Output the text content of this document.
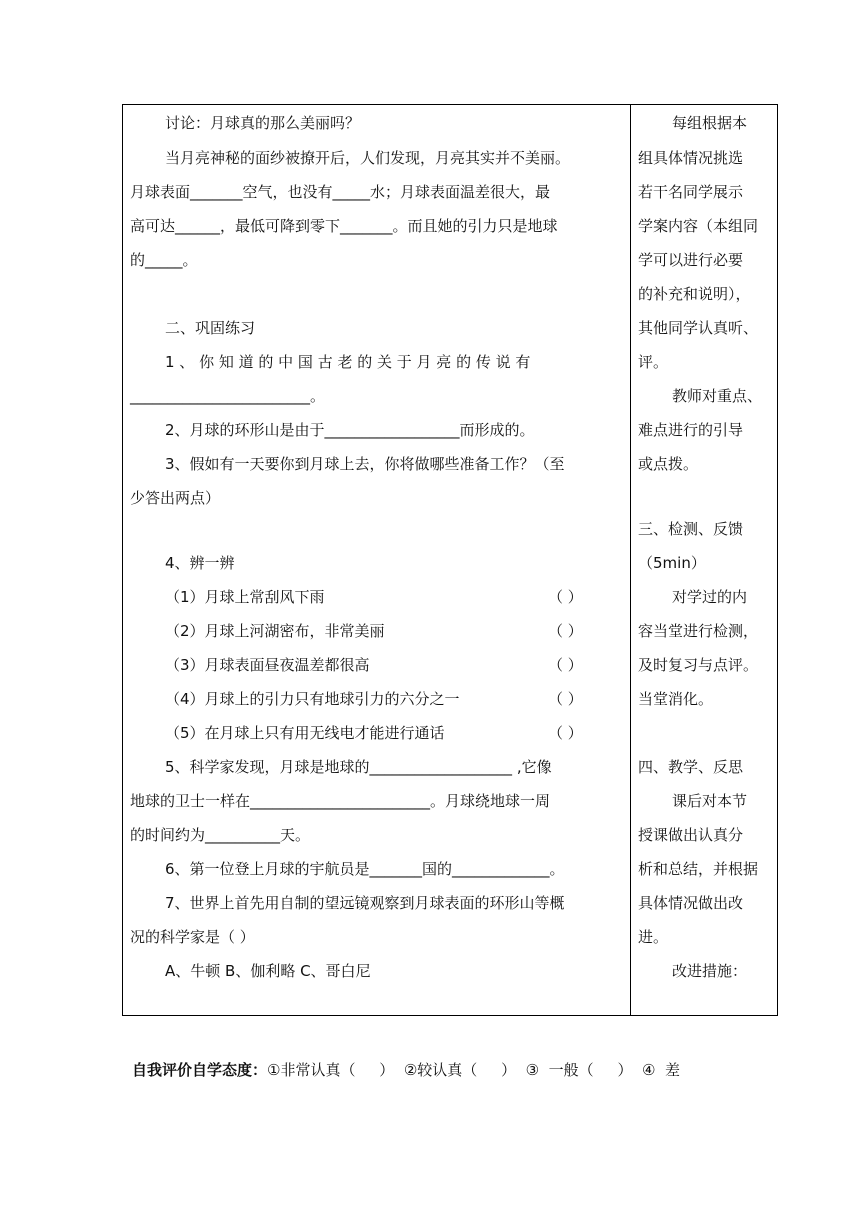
讨论：月球真的那么美丽吗？
当月亮神秘的面纱被撩开后，人们发现，月亮其实并不美丽。
月球表面_______空气，也没有_____水；月球表面温差很大，最
高可达______，最低可降到零下_______。而且她的引力只是地球
的_____。
二、巩固练习
1 、 你 知 道 的 中 国 古 老 的 关 于 月 亮 的 传 说 有
________________________。
2、月球的环形山是由于__________________而形成的。
3、假如有一天要你到月球上去，你将做哪些准备工作？（至
少答出两点）
4、辨一辨
（1）月球上常刮风下雨	（ ）
（2）月球上河湖密布，非常美丽	（ ）
（3）月球表面昼夜温差都很高	（ ）
（4）月球上的引力只有地球引力的六分之一	（ ）
（5）在月球上只有用无线电才能进行通话	（ ）
5、科学家发现，月球是地球的___________________ ,它像
地球的卫士一样在________________________。月球绕地球一周
的时间约为__________天。
6、第一位登上月球的宇航员是_______国的_____________。
7、世界上首先用自制的望远镜观察到月球表面的环形山等概
况的科学家是（ ）
A、牛顿 B、伽利略 C、哥白尼
每组根据本
组具体情况挑选
若干名同学展示
学案内容（本组同
学可以进行必要
的补充和说明），
其他同学认真听、
评。
教师对重点、
难点进行的引导
或点拨。
三、检测、反馈
（5min）
对学过的内
容当堂进行检测，
及时复习与点评。
当堂消化。
四、教学、反思
课后对本节
授课做出认真分
析和总结，并根据
具体情况做出改
进。
改进措施：
自我评价自学态度：①非常认真（     ）  ②较认真（     ）  ③  一般（     ）  ④  差
